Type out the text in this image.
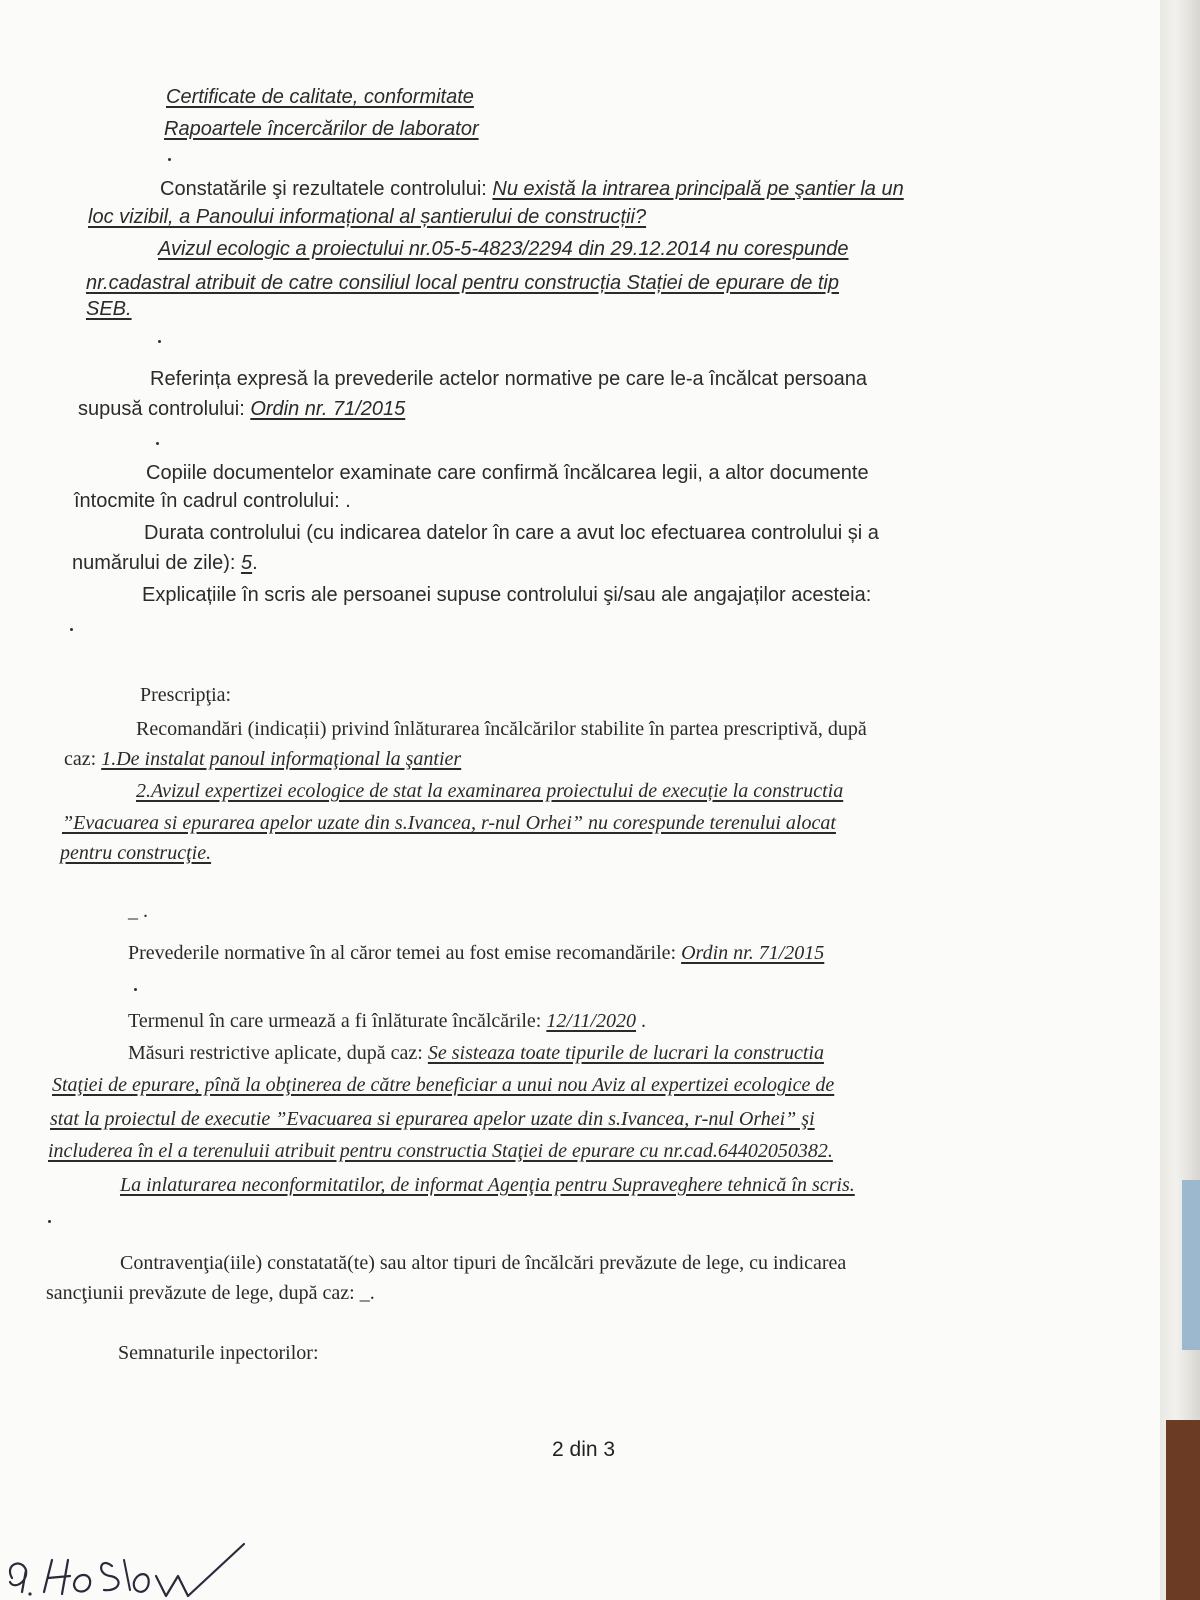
Certificate de calitate, conformitate

Rapoartele încercărilor de laborator

Constatările şi rezultatele controlului: Nu există la intrarea principală pe şantier la un

loc vizibil, a Panoului informațional al șantierului de construcții?

Avizul ecologic a proiectului nr.05-5-4823/2294 din 29.12.2014 nu corespunde

nr.cadastral atribuit de catre consiliul local pentru construcția Stației de epurare de tip

SEB.

Referința expresă la prevederile actelor normative pe care le-a încălcat persoana

supusă controlului: Ordin nr. 71/2015

Copiile documentelor examinate care confirmă încălcarea legii, a altor documente

întocmite în cadrul controlului: .

Durata controlului (cu indicarea datelor în care a avut loc efectuarea controlului și a

numărului de zile): 5.

Explicațiile în scris ale persoanei supuse controlului şi/sau ale angajaților acesteia:

Prescripţia:

Recomandări (indicații) privind înlăturarea încălcărilor stabilite în partea prescriptivă, după

caz: 1.De instalat panoul informaţional la şantier

2.Avizul expertizei ecologice de stat la examinarea proiectului de execuție la constructia

”Evacuarea si epurarea apelor uzate din s.Ivancea, r-nul Orhei” nu corespunde terenului alocat

pentru construcţie.

_ .

Prevederile normative în al căror temei au fost emise recomandările: Ordin nr. 71/2015

Termenul în care urmează a fi înlăturate încălcările: 12/11/2020 .

Măsuri restrictive aplicate, după caz: Se sisteaza toate tipurile de lucrari la constructia

Staţiei de epurare, pînă la obţinerea de către beneficiar a unui nou Aviz al expertizei ecologice de

stat la proiectul de executie ”Evacuarea si epurarea apelor uzate din s.Ivancea, r-nul Orhei” şi

includerea în el a terenuluii atribuit pentru constructia Staţiei de epurare cu nr.cad.64402050382.

La inlaturarea neconformitatilor, de informat Agenţia pentru Supraveghere tehnică în scris.

Contravenţia(iile) constatată(te) sau altor tipuri de încălcări prevăzute de lege, cu indicarea

sancţiunii prevăzute de lege, după caz: _.

Semnaturile inpectorilor:

2 din 3
